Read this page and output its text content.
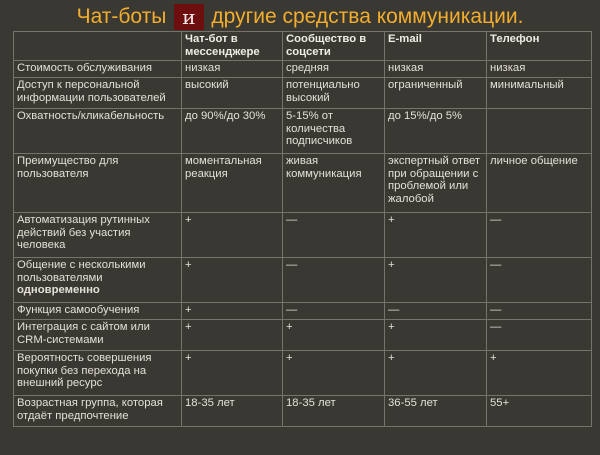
Чат-боты и другие средства коммуникации.
	Чат-бот в мессенджере	Сообщество в соцсети	E-mail	Телефон
Стоимость обслуживания	низкая	средняя	низкая	низкая
Доступ к персональной информации пользователей	высокий	потенциально высокий	ограниченный	минимальный
Охватность/кликабельность	до 90%/до 30%	5-15% от количества подписчиков	до 15%/до 5%	
Преимущество для пользователя	моментальная реакция	живая коммуникация	экспертный ответ при обращении с проблемой или жалобой	личное общение
Автоматизация рутинных действий без участия человека	+	—	+	—
Общение с несколькими пользователями одновременно	+	—	+	—
Функция самообучения	+	—	—	—
Интеграция с сайтом или CRM-системами	+	+	+	—
Вероятность совершения покупки без перехода на внешний ресурс	+	+	+	+
Возрастная группа, которая отдаёт предпочтение	18-35 лет	18-35 лет	36-55 лет	55+
